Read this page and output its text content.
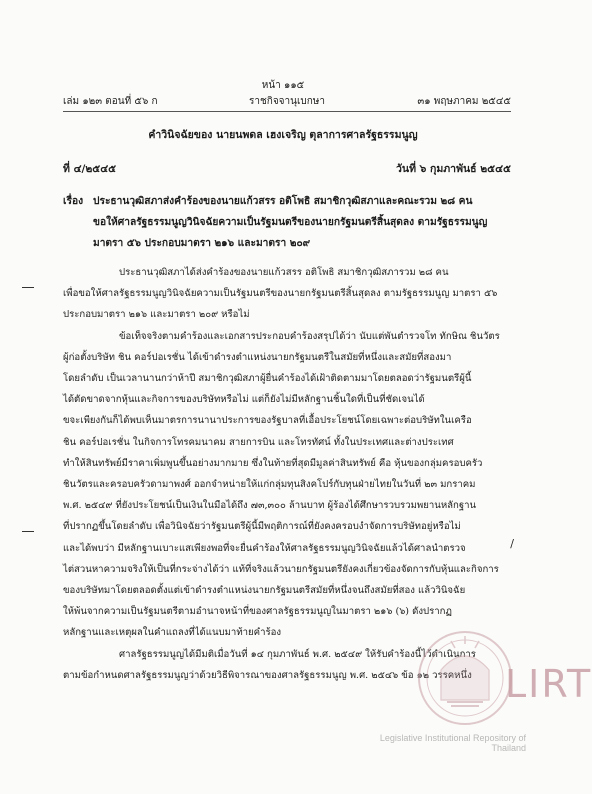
หน้า ๑๑๕
เล่ม ๑๒๓ ตอนที่ ๕๖ ก	ราชกิจจานุเบกษา	๓๑ พฤษภาคม ๒๕๔๕
คำวินิจฉัยของ นายนพดล เฮงเจริญ ตุลาการศาลรัฐธรรมนูญ
ที่ ๔/๒๕๔๕	วันที่ ๖ กุมภาพันธ์ ๒๕๔๕
เรื่อง ประธานวุฒิสภาส่งคำร้องของนายแก้วสรร อติโพธิ สมาชิกวุฒิสภาและคณะรวม ๒๘ คน
ขอให้ศาลรัฐธรรมนูญวินิจฉัยความเป็นรัฐมนตรีของนายกรัฐมนตรีสิ้นสุดลง ตามรัฐธรรมนูญ
มาตรา ๕๖ ประกอบมาตรา ๒๑๖ และมาตรา ๒๐๙

ประธานวุฒิสภาได้ส่งคำร้องของนายแก้วสรร อติโพธิ สมาชิกวุฒิสภารวม ๒๘ คน
เพื่อขอให้ศาลรัฐธรรมนูญวินิจฉัยความเป็นรัฐมนตรีของนายกรัฐมนตรีสิ้นสุดลง ตามรัฐธรรมนูญ มาตรา ๕๖
ประกอบมาตรา ๒๑๖ และมาตรา ๒๐๙ หรือไม่

ข้อเท็จจริงตามคำร้องและเอกสารประกอบคำร้องสรุปได้ว่า นับแต่พันตำรวจโท ทักษิณ ชินวัตร
ผู้ก่อตั้งบริษัท ชิน คอร์ปอเรชั่น ได้เข้าดำรงตำแหน่งนายกรัฐมนตรีในสมัยที่หนึ่งและสมัยที่สองมา
โดยลำดับ เป็นเวลานานกว่าห้าปี สมาชิกวุฒิสภาผู้ยื่นคำร้องได้เฝ้าติดตามมาโดยตลอดว่ารัฐมนตรีผู้นี้
ได้ตัดขาดจากหุ้นและกิจการของบริษัทหรือไม่ แต่ก็ยังไม่มีหลักฐานชิ้นใดที่เป็นที่ชัดเจนได้
ขจะเพียงกันก็ได้พบเห็นมาตรการนานาประการของรัฐบาลที่เอื้อประโยชน์โดยเฉพาะต่อบริษัทในเครือ
ชิน คอร์ปอเรชั่น ในกิจการโทรคมนาคม สายการบิน และโทรทัศน์ ทั้งในประเทศและต่างประเทศ
ทำให้สินทรัพย์มีราคาเพิ่มพูนขึ้นอย่างมากมาย ซึ่งในท้ายที่สุดมีมูลค่าสินทรัพย์ คือ หุ้นของกลุ่มครอบครัว
ชินวัตรและครอบครัวดามาพงศ์ ออกจำหน่ายให้แก่กลุ่มทุนสิงคโปร์กับทุนฝ่ายไทยในวันที่ ๒๓ มกราคม
พ.ศ. ๒๕๔๙ ที่ยังประโยชน์เป็นเงินในมือได้ถึง ๗๓,๓๐๐ ล้านบาท ผู้ร้องได้ศึกษารวบรวมพยานหลักฐาน
ที่ปรากฏขึ้นโดยลำดับ เพื่อวินิจฉัยว่ารัฐมนตรีผู้นี้มีพฤติการณ์ที่ยังคงครอบงำจัดการบริษัทอยู่หรือไม่
และได้พบว่า มีหลักฐานเบาะแสเพียงพอที่จะยื่นคำร้องให้ศาลรัฐธรรมนูญวินิจฉัยแล้วได้ศาลนำตรวจ
ไต่สวนหาความจริงให้เป็นที่กระจ่างได้ว่า แท้ที่จริงแล้วนายกรัฐมนตรียังคงเกี่ยวข้องจัดการกับหุ้นและกิจการ
ของบริษัทมาโดยตลอดตั้งแต่เข้าดำรงตำแหน่งนายกรัฐมนตรีสมัยที่หนึ่งจนถึงสมัยที่สอง แล้ววินิจฉัย
ให้พ้นจากความเป็นรัฐมนตรีตามอำนาจหน้าที่ของศาลรัฐธรรมนูญในมาตรา ๒๑๖ (๖) ดังปรากฏ
หลักฐานและเหตุผลในคำแถลงที่ได้แนบมาท้ายคำร้อง

ศาลรัฐธรรมนูญได้มีมติเมื่อวันที่ ๑๔ กุมภาพันธ์ พ.ศ. ๒๕๔๙ ให้รับคำร้องนี้ไว้ดำเนินการ
ตามข้อกำหนดศาลรัฐธรรมนูญว่าด้วยวิธีพิจารณาของศาลรัฐธรรมนูญ พ.ศ. ๒๕๔๖ ข้อ ๑๒ วรรคหนึ่ง

/
LIRT
Legislative Institutional Repository of Thailand
